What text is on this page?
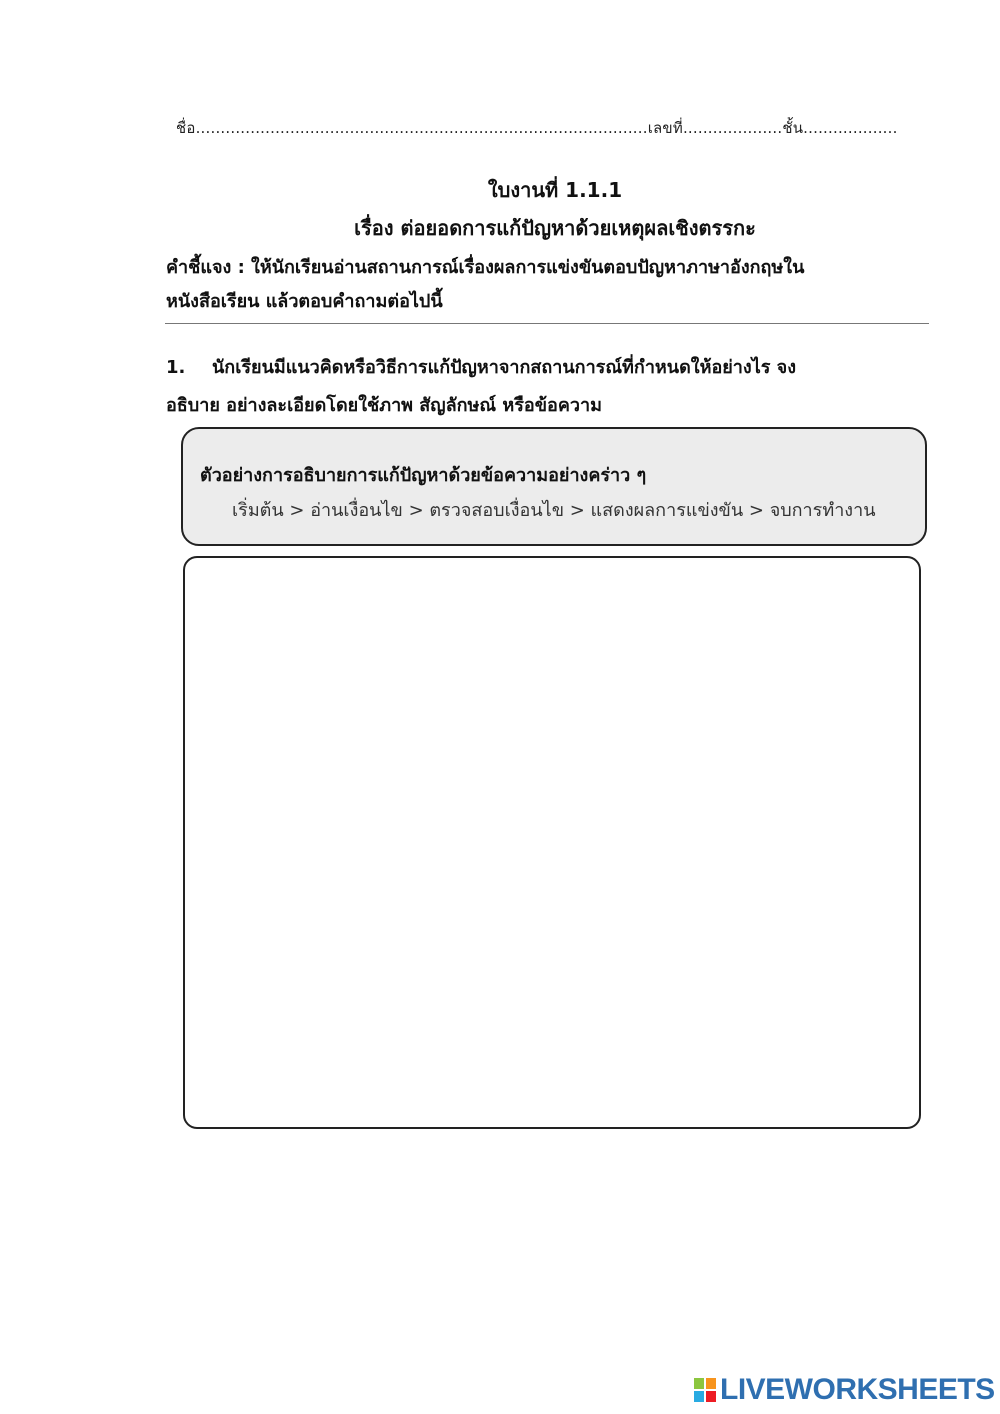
ชื่อ...........................................................................................เลขที่....................ชั้น...................
ใบงานที่ 1.1.1
เรื่อง ต่อยอดการแก้ปัญหาด้วยเหตุผลเชิงตรรกะ
คำชี้แจง : ให้นักเรียนอ่านสถานการณ์เรื่องผลการแข่งขันตอบปัญหาภาษาอังกฤษใน
หนังสือเรียน แล้วตอบคำถามต่อไปนี้
1. นักเรียนมีแนวคิดหรือวิธีการแก้ปัญหาจากสถานการณ์ที่กำหนดให้อย่างไร จง
อธิบาย อย่างละเอียดโดยใช้ภาพ สัญลักษณ์ หรือข้อความ
ตัวอย่างการอธิบายการแก้ปัญหาด้วยข้อความอย่างคร่าว ๆ
เริ่มต้น > อ่านเงื่อนไข > ตรวจสอบเงื่อนไข > แสดงผลการแข่งขัน > จบการทำงาน
LIVEWORKSHEETS
